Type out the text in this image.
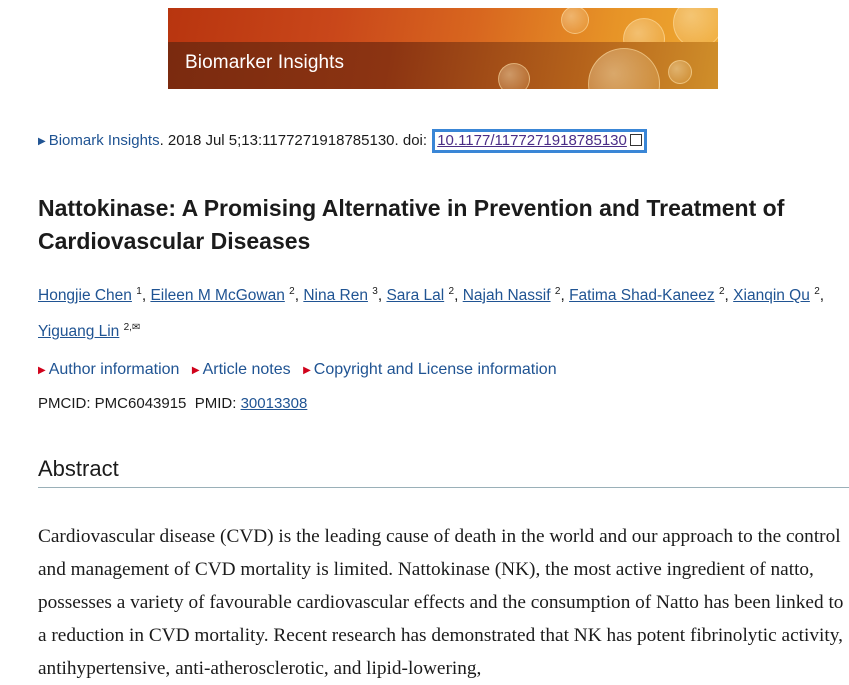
Biomarker Insights
▶ Biomark Insights. 2018 Jul 5;13:1177271918785130. doi: 10.1177/1177271918785130
Nattokinase: A Promising Alternative in Prevention and Treatment of Cardiovascular Diseases
Hongjie Chen $^1$, Eileen M McGowan $^2$, Nina Ren $^3$, Sara Lal $^2$, Najah Nassif $^2$, Fatima Shad-Kaneez $^2$, Xianqin Qu $^2$,
Yiguang Lin $^{2,✉}$
▶ Author information ▶ Article notes ▶ Copyright and License information
PMCID: PMC6043915 PMID: 30013308
Abstract

Cardiovascular disease (CVD) is the leading cause of death in the world and our approach to the control and management of CVD mortality is limited. Nattokinase (NK), the most active ingredient of natto, possesses a variety of favourable cardiovascular effects and the consumption of Natto has been linked to a reduction in CVD mortality. Recent research has demonstrated that NK has potent fibrinolytic activity, antihypertensive, anti-atherosclerotic, and lipid-lowering,
